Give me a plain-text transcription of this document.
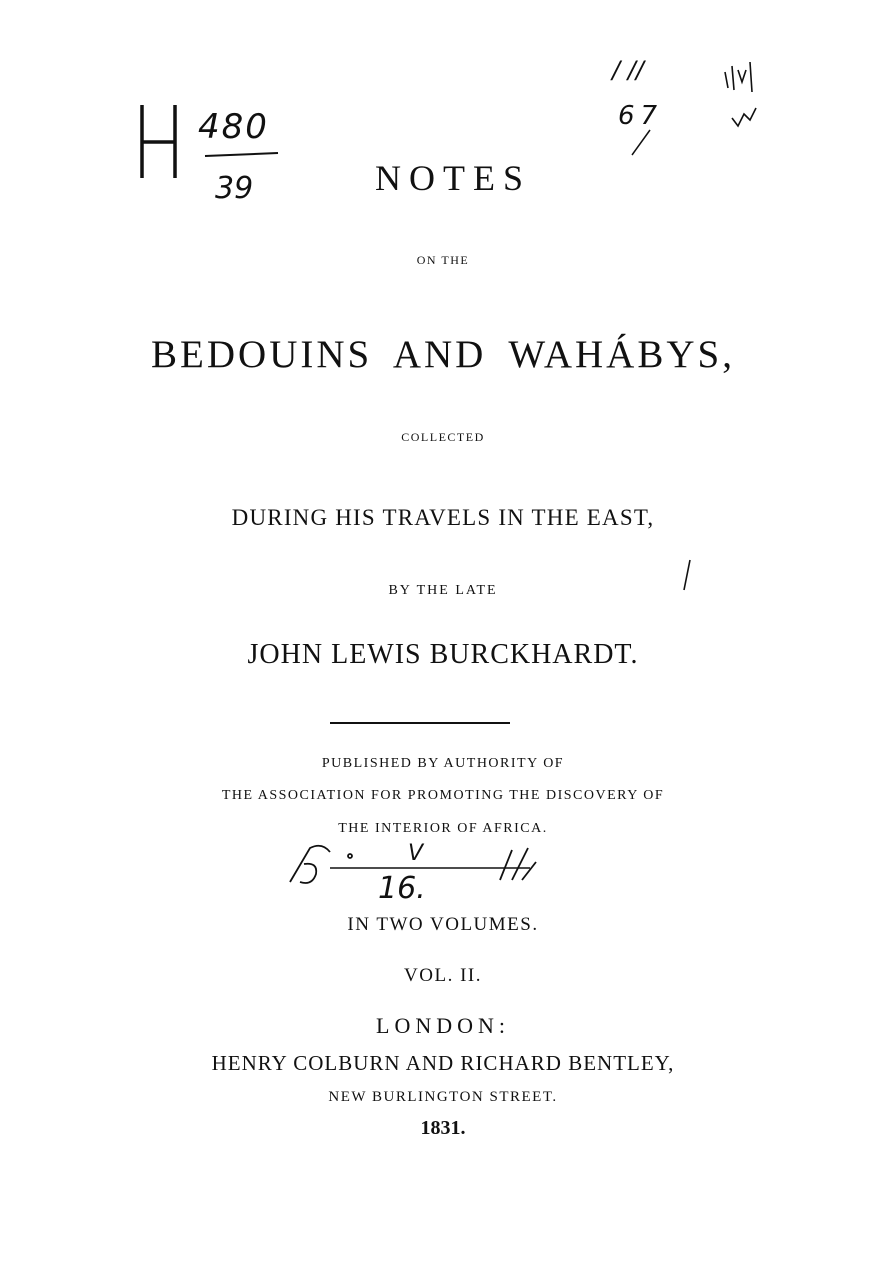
NOTES
ON THE
BEDOUINS AND WAHÁBYS,
COLLECTED
DURING HIS TRAVELS IN THE EAST,
BY THE LATE
JOHN LEWIS BURCKHARDT.
PUBLISHED BY AUTHORITY OF
THE ASSOCIATION FOR PROMOTING THE DISCOVERY OF
THE INTERIOR OF AFRICA.
IN TWO VOLUMES.
VOL. II.
LONDON:
HENRY COLBURN AND RICHARD BENTLEY,
NEW BURLINGTON STREET.
1831.
480
39
/ //
67
V
16.
